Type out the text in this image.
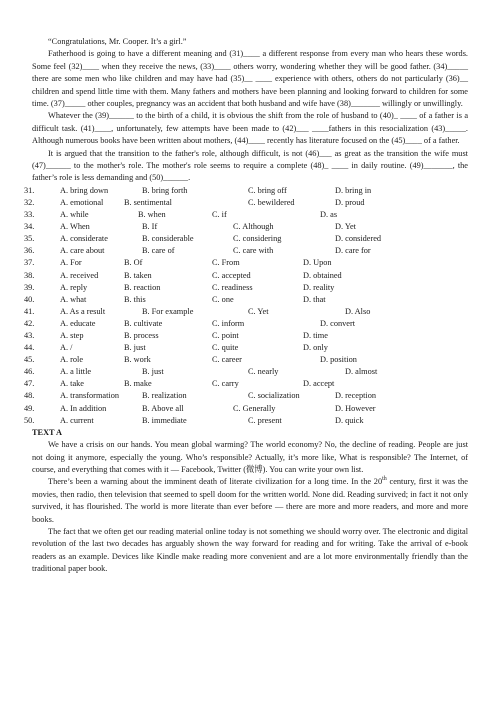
“Congratulations, Mr. Cooper. It’s a girl.”

Fatherhood is going to have a different meaning and (31)____ a different response from every man who hears these words. Some feel (32)____ when they receive the news, (33)____ others worry, wondering whether they will be good father. (34)_____ there are some men who like children and may have had (35)__ ____ experience with others, others do not particularly (36)__ children and spend little time with them. Many fathers and mothers have been planning and looking forward to children for some time. (37)_____ other couples, pregnancy was an accident that both husband and wife have (38)_______ willingly or unwillingly.

Whatever the (39)______ to the birth of a child, it is obvious the shift from the role of husband to (40)_ ____ of a father is a difficult task. (41)____, unfortunately, few attempts have been made to (42)___ ____fathers in this resocialization (43)_____. Although numerous books have been written about mothers, (44)____ recently has literature focused on the (45)____ of a father.

It is argued that the transition to the father's role, although difficult, is not (46)___ as great as the transition the wife must (47)______ to the mother's role. The mother's role seems to require a complete (48)_ ____ in daily routine. (49)_______, the father’s role is less demanding and (50)______.

31.	A. bring down	B. bring forth	C. bring off	D. bring in
32.	A. emotional B. sentimental	C. bewildered	D. proud
33.	A. while	B. when	C. if	D. as
34.	A. When	B. If	C. Although	D. Yet
35.	A. considerate	B. considerable	C. considering	D. considered
36.	A. care about	B. care of	C. care with	D. care for
37.	A. For	B. Of	C. From	D. Upon
38.	A. received	B. taken	C. accepted	D. obtained
39.	A. reply	B. reaction	C. readiness	D. reality
40.	A. what	B. this	C. one	D. that
41.	A. As a result	B. For example	C. Yet	D. Also
42.	A. educate	B. cultivate	C. inform	D. convert
43.	A. step	B. process	C. point	D. time
44.	A. /	B. just	C. quite	D. only
45.	A. role	B. work	C. career	D. position
46.	A. a little	B. just	C. nearly	D. almost
47.	A. take	B. make	C. carry	D. accept
48.	A. transformation	B. realization	C. socialization	D. reception
49.	A. In addition	B. Above all	C. Generally	D. However
50.	A. current	B. immediate	C. present	D. quick

TEXT A

We have a crisis on our hands. You mean global warming? The world economy? No, the decline of reading. People are just not doing it anymore, especially the young. Who’s responsible? Actually, it’s more like, What is responsible? The Internet, of course, and everything that comes with it — Facebook, Twitter (微博). You can write your own list.

There’s been a warning about the imminent death of literate civilization for a long time. In the 20th century, first it was the movies, then radio, then television that seemed to spell doom for the written world. None did. Reading survived; in fact it not only survived, it has flourished. The world is more literate than ever before — there are more and more readers, and more and more books.

The fact that we often get our reading material online today is not something we should worry over. The electronic and digital revolution of the last two decades has arguably shown the way forward for reading and for writing. Take the arrival of e-book readers as an example. Devices like Kindle make reading more convenient and are a lot more environmentally friendly than the traditional paper book.
